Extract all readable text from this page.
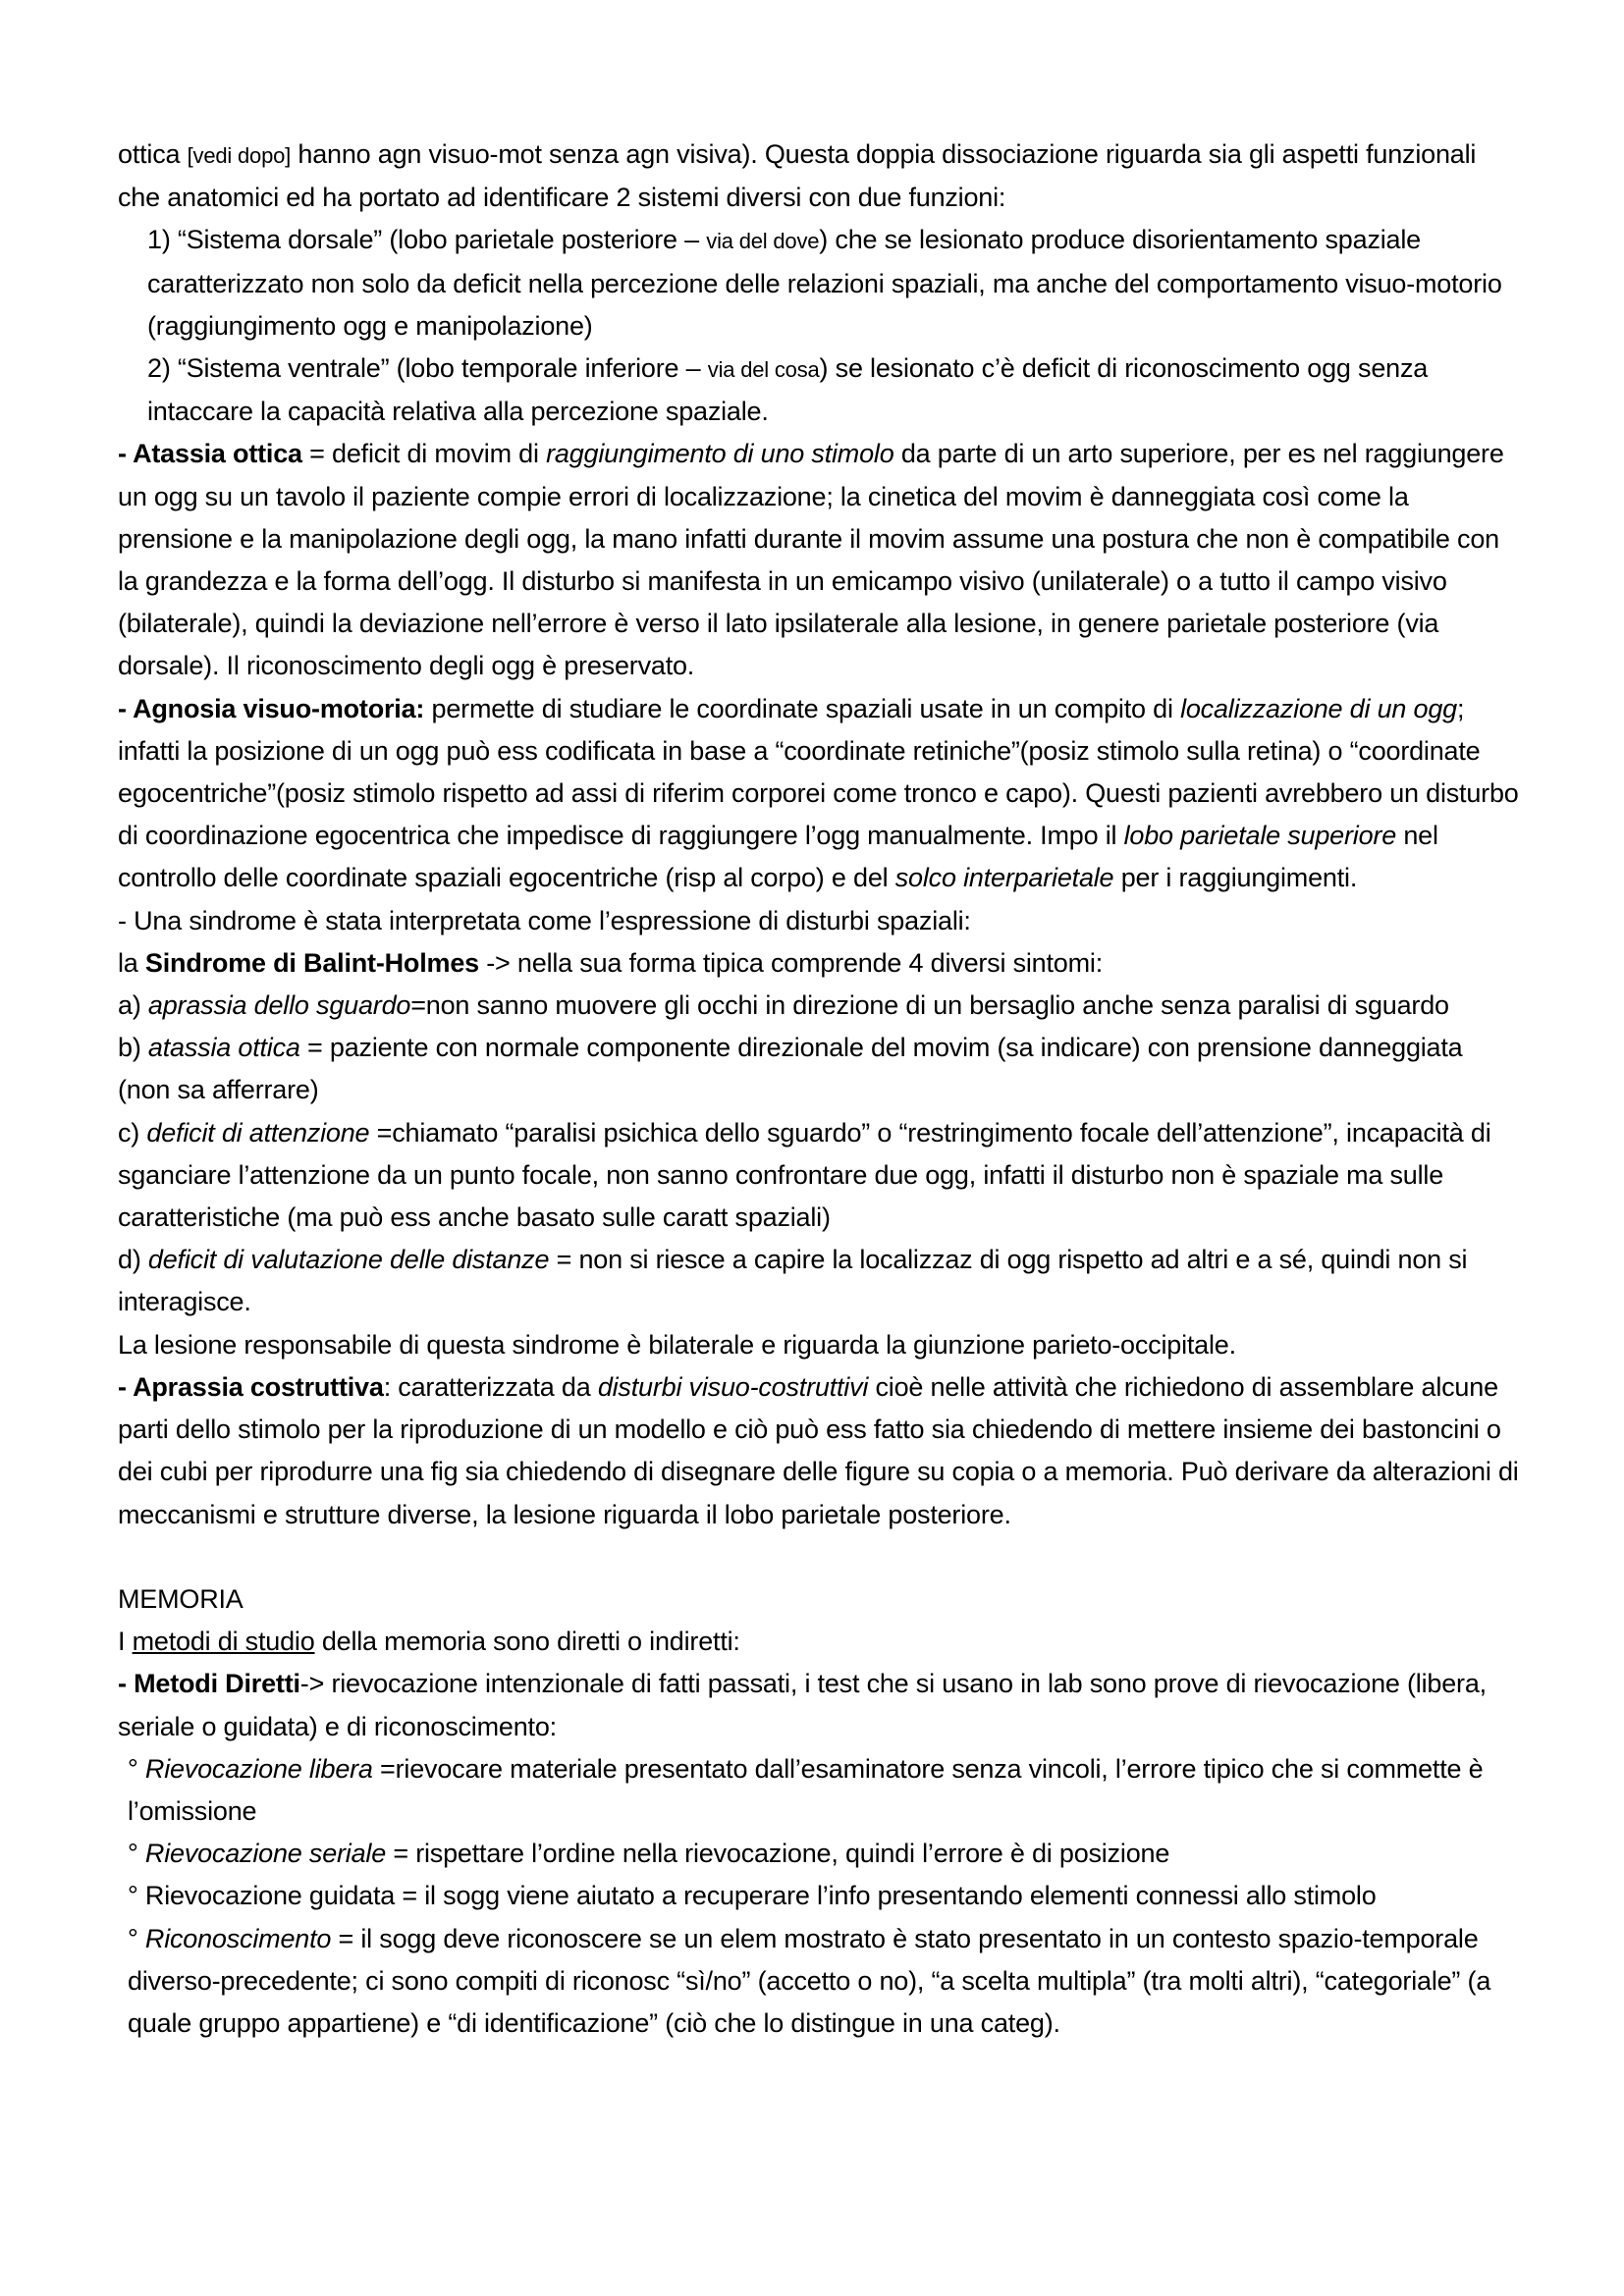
ottica [vedi dopo] hanno agn visuo-mot senza agn visiva). Questa doppia dissociazione riguarda sia gli aspetti funzionali che anatomici ed ha portato ad identificare 2 sistemi diversi con due funzioni:

1) “Sistema dorsale” (lobo parietale posteriore – via del dove) che se lesionato produce disorientamento spaziale caratterizzato non solo da deficit nella percezione delle relazioni spaziali, ma anche del comportamento visuo-motorio (raggiungimento ogg e manipolazione)

2) “Sistema ventrale” (lobo temporale inferiore – via del cosa) se lesionato c’è deficit di riconoscimento ogg senza intaccare la capacità relativa alla percezione spaziale.

- Atassia ottica = deficit di movim di raggiungimento di uno stimolo da parte di un arto superiore, per es nel raggiungere un ogg su un tavolo il paziente compie errori di localizzazione; la cinetica del movim è danneggiata così come la prensione e la manipolazione degli ogg, la mano infatti durante il movim assume una postura che non è compatibile con la grandezza e la forma dell’ogg. Il disturbo si manifesta in un emicampo visivo (unilaterale) o a tutto il campo visivo (bilaterale), quindi la deviazione nell’errore è verso il lato ipsilaterale alla lesione, in genere parietale posteriore (via dorsale). Il riconoscimento degli ogg è preservato.

- Agnosia visuo-motoria: permette di studiare le coordinate spaziali usate in un compito di localizzazione di un ogg; infatti la posizione di un ogg può ess codificata in base a “coordinate retiniche”(posiz stimolo sulla retina) o “coordinate egocentriche”(posiz stimolo rispetto ad assi di riferim corporei come tronco e capo). Questi pazienti avrebbero un disturbo di coordinazione egocentrica che impedisce di raggiungere l’ogg manualmente. Impo il lobo parietale superiore nel controllo delle coordinate spaziali egocentriche (risp al corpo) e del solco interparietale per i raggiungimenti.

- Una sindrome è stata interpretata come l’espressione di disturbi spaziali:

la Sindrome di Balint-Holmes -> nella sua forma tipica comprende 4 diversi sintomi:

a) aprassia dello sguardo=non sanno muovere gli occhi in direzione di un bersaglio anche senza paralisi di sguardo

b) atassia ottica = paziente con normale componente direzionale del movim (sa indicare) con prensione danneggiata (non sa afferrare)

c) deficit di attenzione =chiamato “paralisi psichica dello sguardo” o “restringimento focale dell’attenzione”, incapacità di sganciare l’attenzione da un punto focale, non sanno confrontare due ogg, infatti il disturbo non è spaziale ma sulle caratteristiche (ma può ess anche basato sulle caratt spaziali)

d) deficit di valutazione delle distanze = non si riesce a capire la localizzaz di ogg rispetto ad altri e a sé, quindi non si interagisce.

La lesione responsabile di questa sindrome è bilaterale e riguarda la giunzione parieto-occipitale.

- Aprassia costruttiva: caratterizzata da disturbi visuo-costruttivi cioè nelle attività che richiedono di assemblare alcune parti dello stimolo per la riproduzione di un modello e ciò può ess fatto sia chiedendo di mettere insieme dei bastoncini o dei cubi per riprodurre una fig sia chiedendo di disegnare delle figure su copia o a memoria. Può derivare da alterazioni di meccanismi e strutture diverse, la lesione riguarda il lobo parietale posteriore.

MEMORIA

I metodi di studio della memoria sono diretti o indiretti:

- Metodi Diretti-> rievocazione intenzionale di fatti passati, i test che si usano in lab sono prove di rievocazione (libera, seriale o guidata) e di riconoscimento:

° Rievocazione libera =rievocare materiale presentato dall’esaminatore senza vincoli, l’errore tipico che si commette è l’omissione

° Rievocazione seriale = rispettare l’ordine nella rievocazione, quindi l’errore è di posizione

° Rievocazione guidata = il sogg viene aiutato a recuperare l’info presentando elementi connessi allo stimolo

° Riconoscimento = il sogg deve riconoscere se un elem mostrato è stato presentato in un contesto spazio-temporale diverso-precedente; ci sono compiti di riconosc “sì/no” (accetto o no), “a scelta multipla” (tra molti altri), “categoriale” (a quale gruppo appartiene) e “di identificazione” (ciò che lo distingue in una categ).
